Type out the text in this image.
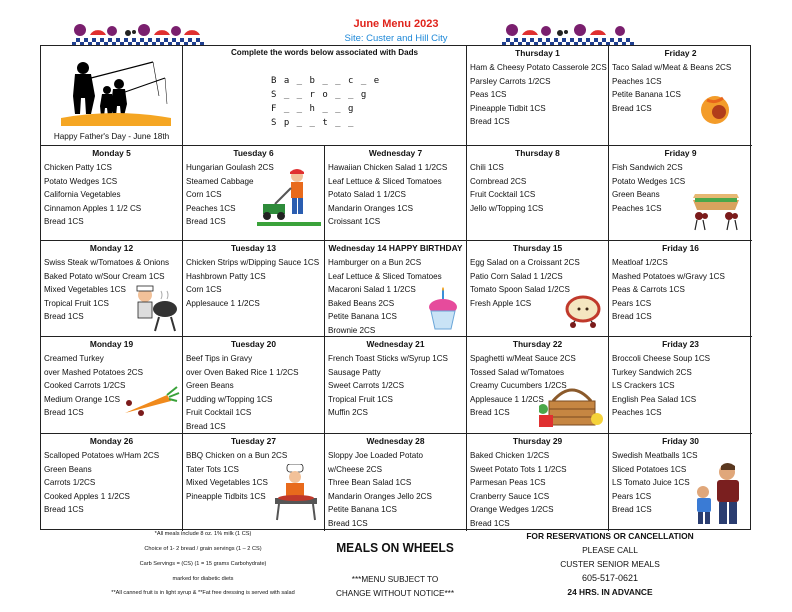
June Menu 2023
Site: Custer and Hill City
Happy Father's Day - June 18th
Complete the words below associated with Dads
B a _ b _ _ c _ e
S _ _ r o _ _ g
F _ _ h _ _ g
S p _ _ t _ _
Thursday 1
Ham & Cheesy Potato Casserole 2CS
Parsley Carrots 1/2CS
Peas 1CS
Pineapple Tidbit 1CS
Bread 1CS
Friday 2
Taco Salad w/Meat & Beans 2CS
Peaches 1CS
Petite Banana 1CS
Bread 1CS
Monday 5
Chicken Patty 1CS
Potato Wedges 1CS
California Vegetables
Cinnamon Apples 1 1/2 CS
Bread 1CS
Tuesday 6
Hungarian Goulash 2CS
Steamed Cabbage
Corn 1CS
Peaches 1CS
Bread 1CS
Wednesday 7
Hawaiian Chicken Salad 1 1/2CS
Leaf Lettuce & Sliced Tomatoes
Potato Salad 1 1/2CS
Mandarin Oranges 1CS
Croissant 1CS
Thursday 8
Chili 1CS
Cornbread 2CS
Fruit Cocktail 1CS
Jello w/Topping 1CS
Friday 9
Fish Sandwich 2CS
Potato Wedges 1CS
Green Beans
Peaches 1CS
Monday 12
Swiss Steak w/Tomatoes & Onions
Baked Potato w/Sour Cream 1CS
Mixed Vegetables 1CS
Tropical Fruit 1CS
Bread 1CS
Tuesday 13
Chicken Strips w/Dipping Sauce 1CS
Hashbrown Patty 1CS
Corn 1CS
Applesauce 1 1/2CS
Wednesday 14 HAPPY BIRTHDAY
Hamburger on a Bun 2CS
Leaf Lettuce & Sliced Tomatoes
Macaroni Salad 1 1/2CS
Baked Beans 2CS
Petite Banana 1CS
Brownie 2CS
Thursday 15
Egg Salad on a Croissant 2CS
Patio Corn Salad 1 1/2CS
Tomato Spoon Salad 1/2CS
Fresh Apple 1CS
Friday 16
Meatloaf 1/2CS
Mashed Potatoes w/Gravy 1CS
Peas & Carrots 1CS
Pears 1CS
Bread 1CS
Monday 19
Creamed Turkey
over Mashed Potatoes 2CS
Cooked Carrots 1/2CS
Medium Orange 1CS
Bread 1CS
Tuesday 20
Beef Tips in Gravy
over Oven Baked Rice 1 1/2CS
Green Beans
Pudding w/Topping 1CS
Fruit Cocktail 1CS
Bread 1CS
Wednesday 21
French Toast Sticks w/Syrup 1CS
Sausage Patty
Sweet Carrots 1/2CS
Tropical Fruit 1CS
Muffin 2CS
Thursday 22
Spaghetti w/Meat Sauce 2CS
Tossed Salad w/Tomatoes
Creamy Cucumbers 1/2CS
Applesauce 1 1/2CS
Bread 1CS
Friday 23
Broccoli Cheese Soup 1CS
Turkey Sandwich 2CS
LS Crackers 1CS
English Pea Salad 1CS
Peaches 1CS
Monday 26
Scalloped Potatoes w/Ham 2CS
Green Beans
Carrots 1/2CS
Cooked Apples 1 1/2CS
Bread 1CS
Tuesday 27
BBQ Chicken on a Bun 2CS
Tater Tots 1CS
Mixed Vegetables 1CS
Pineapple Tidbits 1CS
Wednesday 28
Sloppy Joe Loaded Potato
w/Cheese 2CS
Three Bean Salad 1CS
Mandarin Oranges Jello 2CS
Petite Banana 1CS
Bread 1CS
Thursday 29
Baked Chicken 1/2CS
Sweet Potato Tots 1 1/2CS
Parmesan Peas 1CS
Cranberry Sauce 1CS
Orange Wedges 1/2CS
Bread 1CS
Friday 30
Swedish Meatballs 1CS
Sliced Potatoes 1CS
LS Tomato Juice 1CS
Pears 1CS
Bread 1CS
*All meals include 8 oz. 1% milk (1 CS)
Choice of 1- 2 bread / grain servings (1 – 2 CS)
Carb Servings = (CS) (1 = 15 grams Carbohydrate)
marked for diabetic diets
**All canned fruit is in light syrup & **Fat free dressing is served with salad
MEALS ON WHEELS
***MENU SUBJECT TO
CHANGE WITHOUT NOTICE***
FOR RESERVATIONS OR CANCELLATION
PLEASE CALL
CUSTER SENIOR MEALS
605-517-0621
24 HRS. IN ADVANCE
